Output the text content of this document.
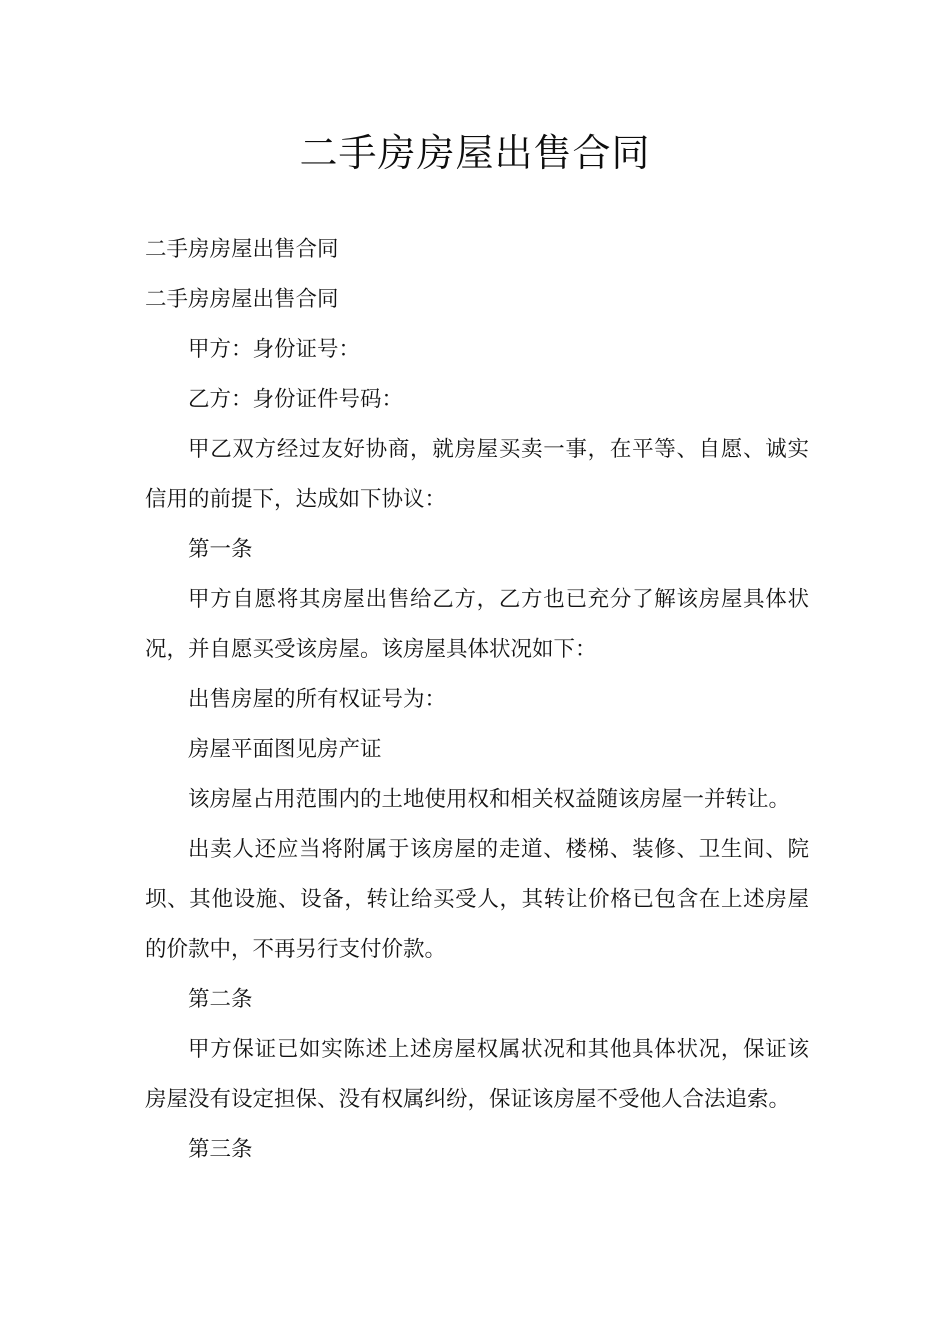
二手房房屋出售合同

二手房房屋出售合同

二手房房屋出售合同

甲方：身份证号：

乙方：身份证件号码：

甲乙双方经过友好协商，就房屋买卖一事，在平等、自愿、诚实信用的前提下，达成如下协议：

第一条

甲方自愿将其房屋出售给乙方，乙方也已充分了解该房屋具体状况，并自愿买受该房屋。该房屋具体状况如下：

出售房屋的所有权证号为：

房屋平面图见房产证

该房屋占用范围内的土地使用权和相关权益随该房屋一并转让。

出卖人还应当将附属于该房屋的走道、楼梯、装修、卫生间、院坝、其他设施、设备，转让给买受人，其转让价格已包含在上述房屋的价款中，不再另行支付价款。

第二条

甲方保证已如实陈述上述房屋权属状况和其他具体状况，保证该房屋没有设定担保、没有权属纠纷，保证该房屋不受他人合法追索。

第三条
